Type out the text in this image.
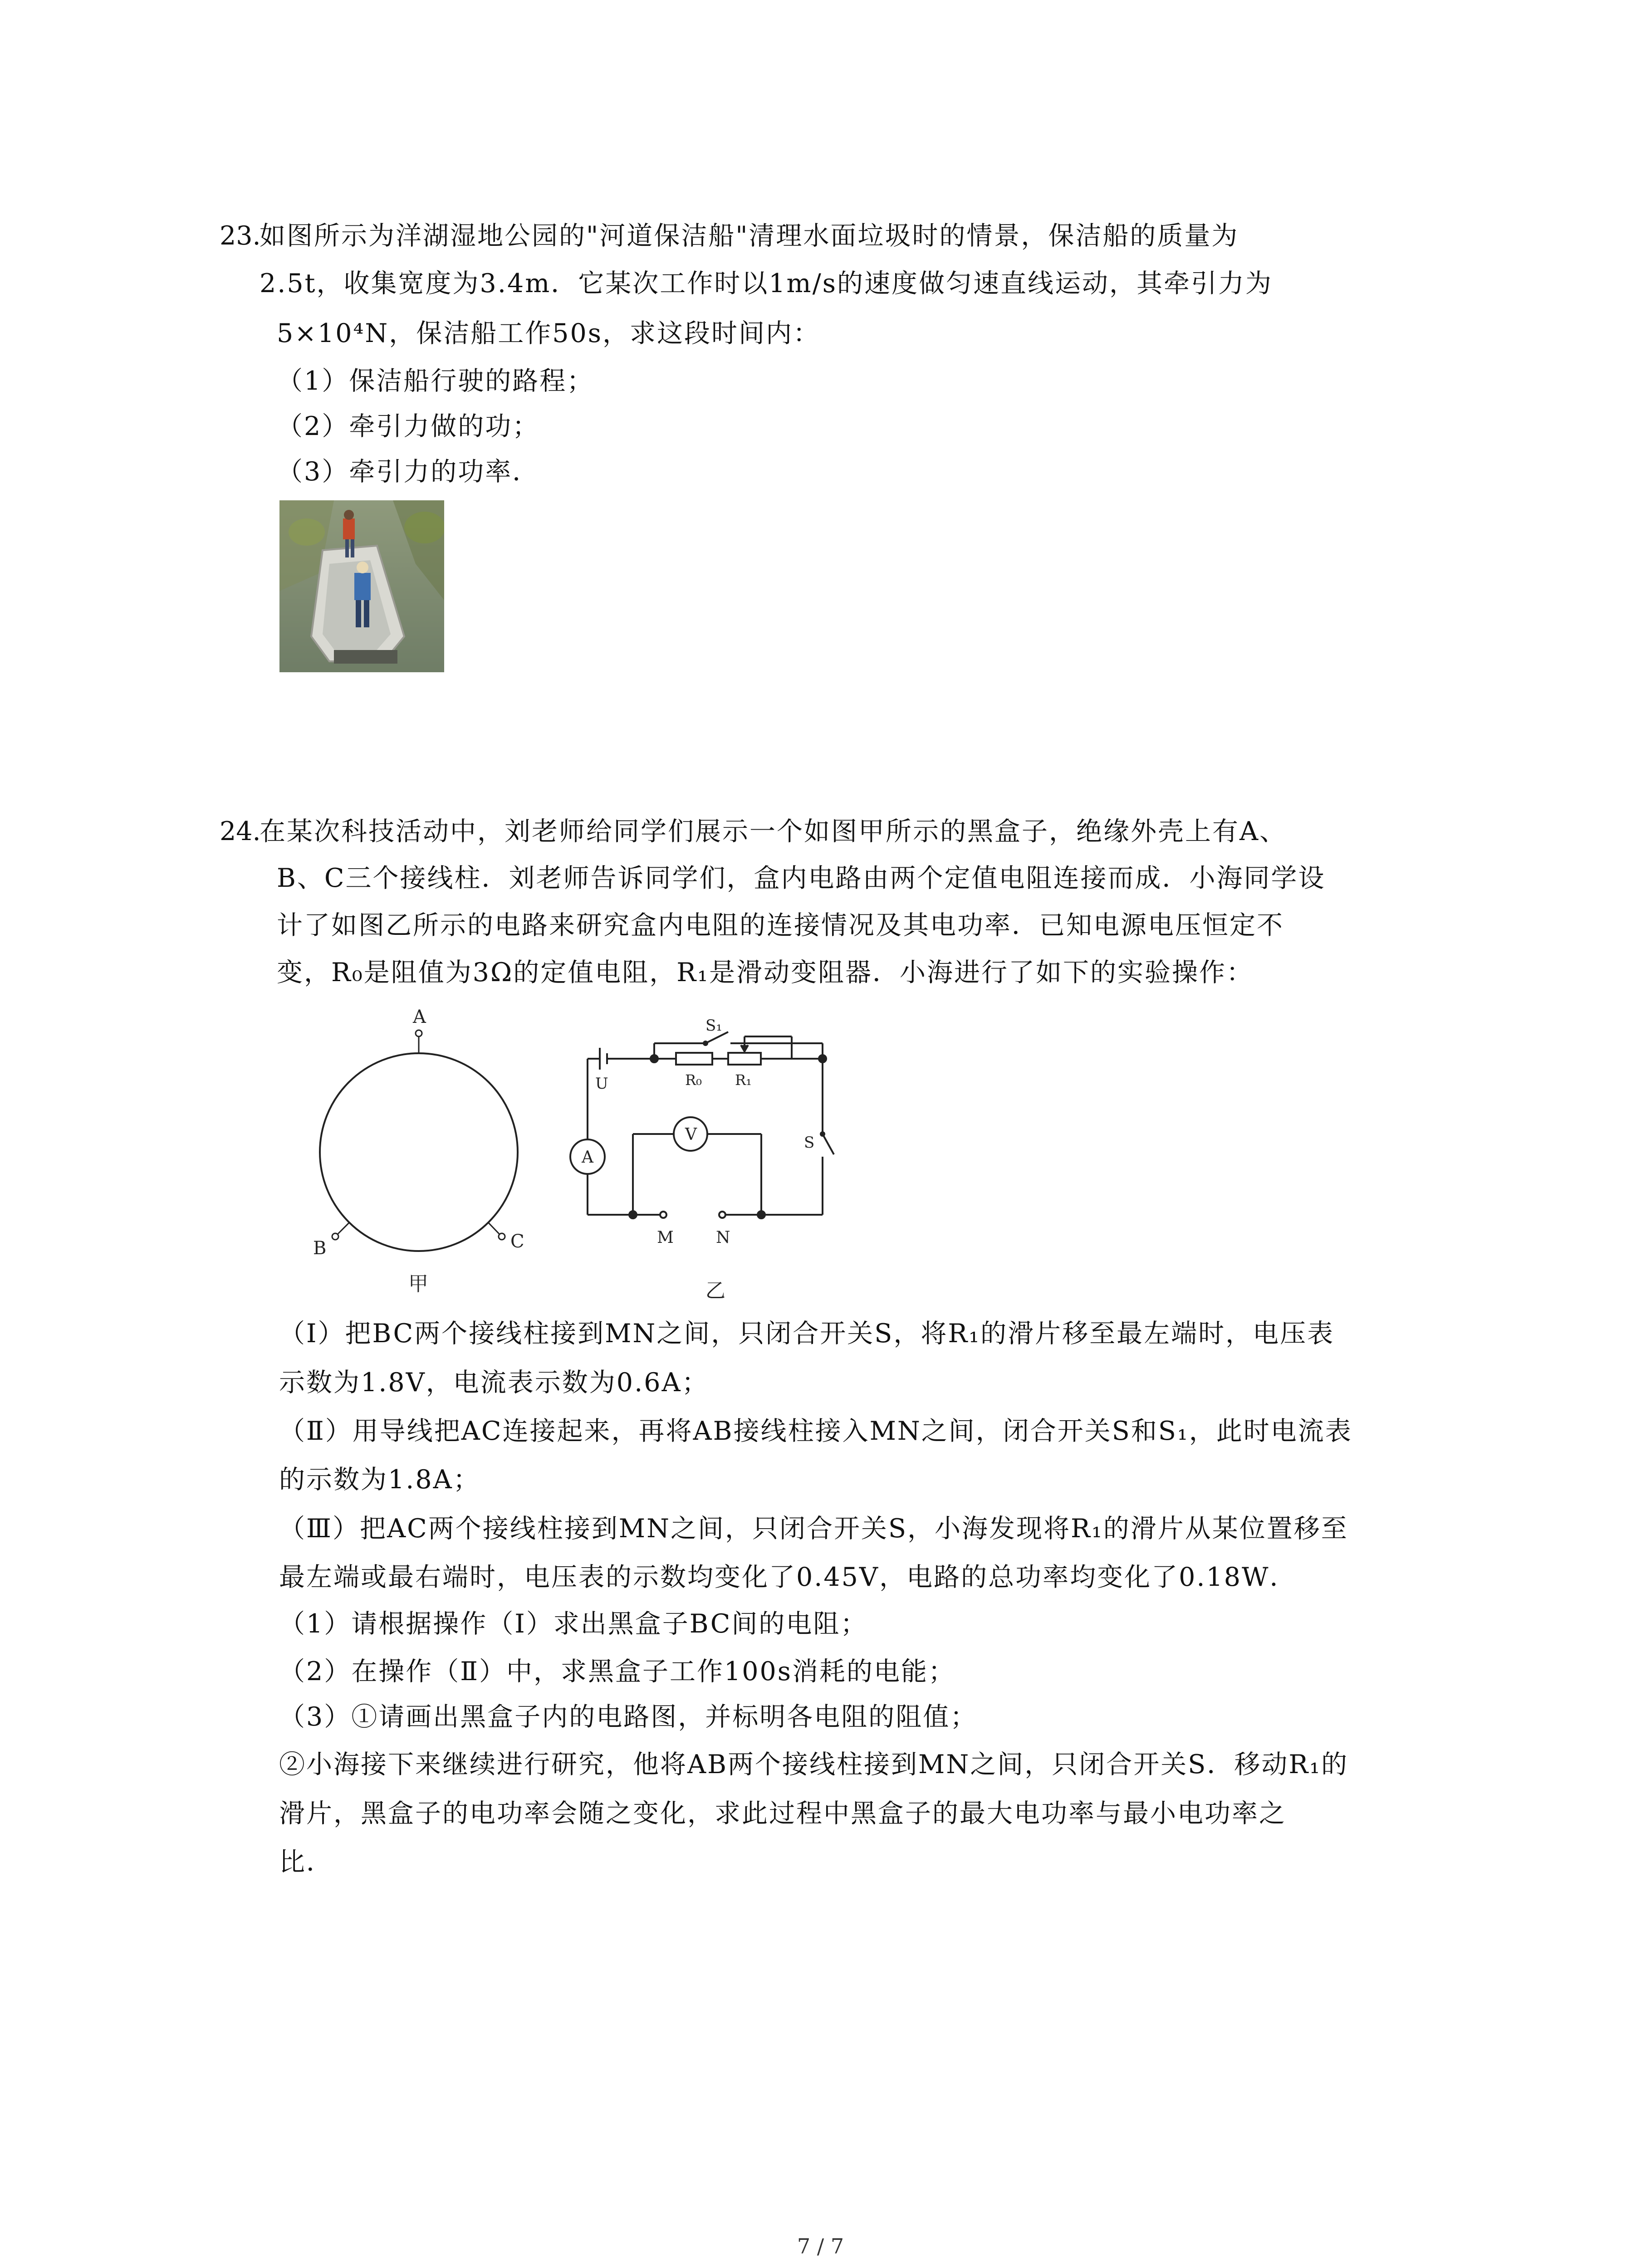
23.
如图所示为洋湖湿地公园的"河道保洁船"清理水面垃圾时的情景，保洁船的质量为
2.5t，收集宽度为3.4m．它某次工作时以1m/s的速度做匀速直线运动，其牵引力为
5×10⁴N，保洁船工作50s，求这段时间内：
（1）保洁船行驶的路程；
（2）牵引力做的功；
（3）牵引力的功率．
24.
在某次科技活动中，刘老师给同学们展示一个如图甲所示的黑盒子，绝缘外壳上有A、
B、C三个接线柱．刘老师告诉同学们，盒内电路由两个定值电阻连接而成．小海同学设
计了如图乙所示的电路来研究盒内电阻的连接情况及其电功率．已知电源电压恒定不
变，R₀是阻值为3Ω的定值电阻，R₁是滑动变阻器．小海进行了如下的实验操作：
A
B	C
甲
S₁
U	R₀ R₁
S
A
V
M	N
乙
（I）把BC两个接线柱接到MN之间，只闭合开关S，将R₁的滑片移至最左端时，电压表
示数为1.8V，电流表示数为0.6A；
（Ⅱ）用导线把AC连接起来，再将AB接线柱接入MN之间，闭合开关S和S₁，此时电流表
的示数为1.8A；
（Ⅲ）把AC两个接线柱接到MN之间，只闭合开关S，小海发现将R₁的滑片从某位置移至
最左端或最右端时，电压表的示数均变化了0.45V，电路的总功率均变化了0.18W．
（1）请根据操作（I）求出黑盒子BC间的电阻；
（2）在操作（Ⅱ）中，求黑盒子工作100s消耗的电能；
（3）①请画出黑盒子内的电路图，并标明各电阻的阻值；
②小海接下来继续进行研究，他将AB两个接线柱接到MN之间，只闭合开关S．移动R₁的
滑片，黑盒子的电功率会随之变化，求此过程中黑盒子的最大电功率与最小电功率之
比．
7 / 7
